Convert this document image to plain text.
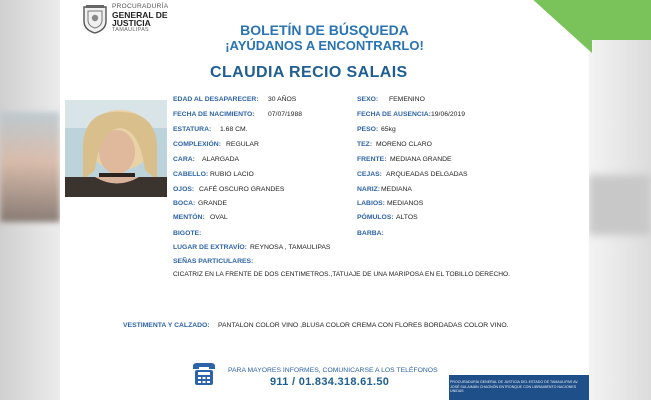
PROCURADURÍA
GENERAL DE
JUSTICIA
TAMAULIPAS	BOLETÍN DE BÚSQUEDA
¡AYÚDANOS A ENCONTRARLO!
CLAUDIA RECIO SALAIS
EDAD AL DESAPARECER: 30 AÑOS
FECHA DE NACIMIENTO: 07/07/1988
ESTATURA: 1.68 CM.
COMPLEXIÓN: REGULAR
CARA: ALARGADA
CABELLO: RUBIO LACIO
OJOS: CAFÉ OSCURO GRANDES
BOCA: GRANDE
MENTÓN: OVAL
BIGOTE:
LUGAR DE EXTRAVÍO: REYNOSA , TAMAULIPAS
SEÑAS PARTICULARES:
SEXO: FEMENINO
FECHA DE AUSENCIA: 19/06/2019
PESO: 65kg
TEZ: MORENO CLARO
FRENTE: MEDIANA GRANDE
CEJAS: ARQUEADAS DELGADAS
NARIZ: MEDIANA
LABIOS: MEDIANOS
PÓMULOS: ALTOS
BARBA:
CICATRIZ EN LA FRENTE DE DOS CENTIMETROS.,TATUAJE DE UNA MARIPOSA EN EL TOBILLO DERECHO.
VESTIMENTA Y CALZADO: PANTALON COLOR VINO ,BLUSA COLOR CREMA CON FLORES BORDADAS COLOR VINO.
PARA MAYORES INFORMES, COMUNICARSE A LOS TELÉFONOS
911 / 01.834.318.61.50	PROCURADURÍA GENERAL DE JUSTICIA DEL ESTADO DE TAMAULIPAS AV. JOSÉ SULAIMÁN CHAGNÓN ENTRONQUE CON LIBRAMIENTO NACIONES UNIDAS
